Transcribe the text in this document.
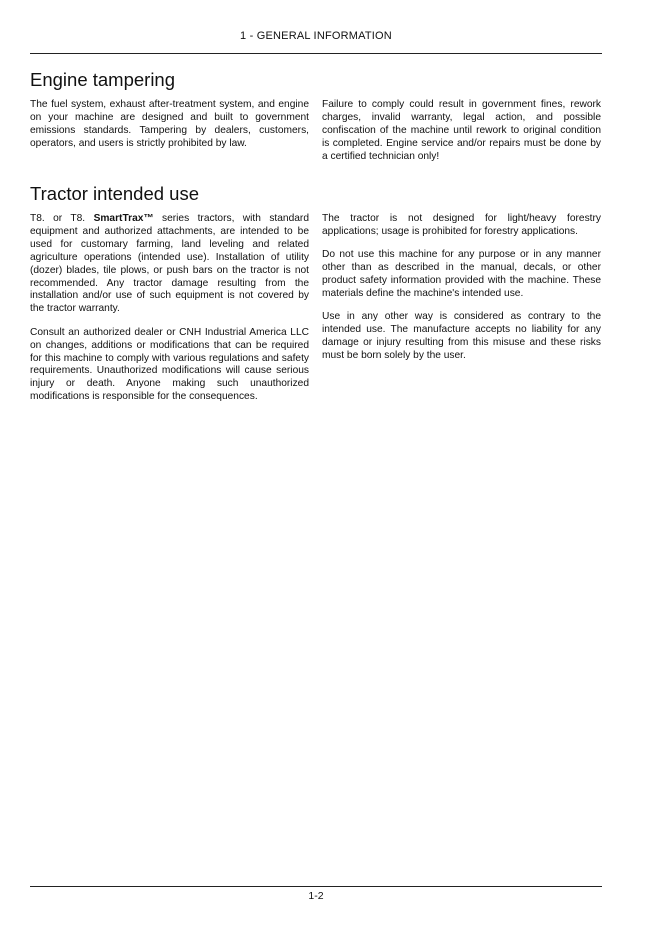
1 - GENERAL INFORMATION
Engine tampering

The fuel system, exhaust after-treatment system, and engine on your machine are designed and built to government emissions standards. Tampering by dealers, customers, operators, and users is strictly prohibited by law.

Failure to comply could result in government fines, rework charges, invalid warranty, legal action, and possible confiscation of the machine until rework to original condition is completed. Engine service and/or repairs must be done by a certified technician only!

Tractor intended use

T8. or T8. SmartTrax™ series tractors, with standard equipment and authorized attachments, are intended to be used for customary farming, land leveling and related agriculture operations (intended use). Installation of utility (dozer) blades, tile plows, or push bars on the tractor is not recommended. Any tractor damage resulting from the installation and/or use of such equipment is not covered by the tractor warranty.

Consult an authorized dealer or CNH Industrial America LLC on changes, additions or modifications that can be required for this machine to comply with various regulations and safety requirements. Unauthorized modifications will cause serious injury or death. Anyone making such unauthorized modifications is responsible for the consequences.

The tractor is not designed for light/heavy forestry applications; usage is prohibited for forestry applications.

Do not use this machine for any purpose or in any manner other than as described in the manual, decals, or other product safety information provided with the machine. These materials define the machine's intended use.

Use in any other way is considered as contrary to the intended use. The manufacture accepts no liability for any damage or injury resulting from this misuse and these risks must be born solely by the user.

1-2
